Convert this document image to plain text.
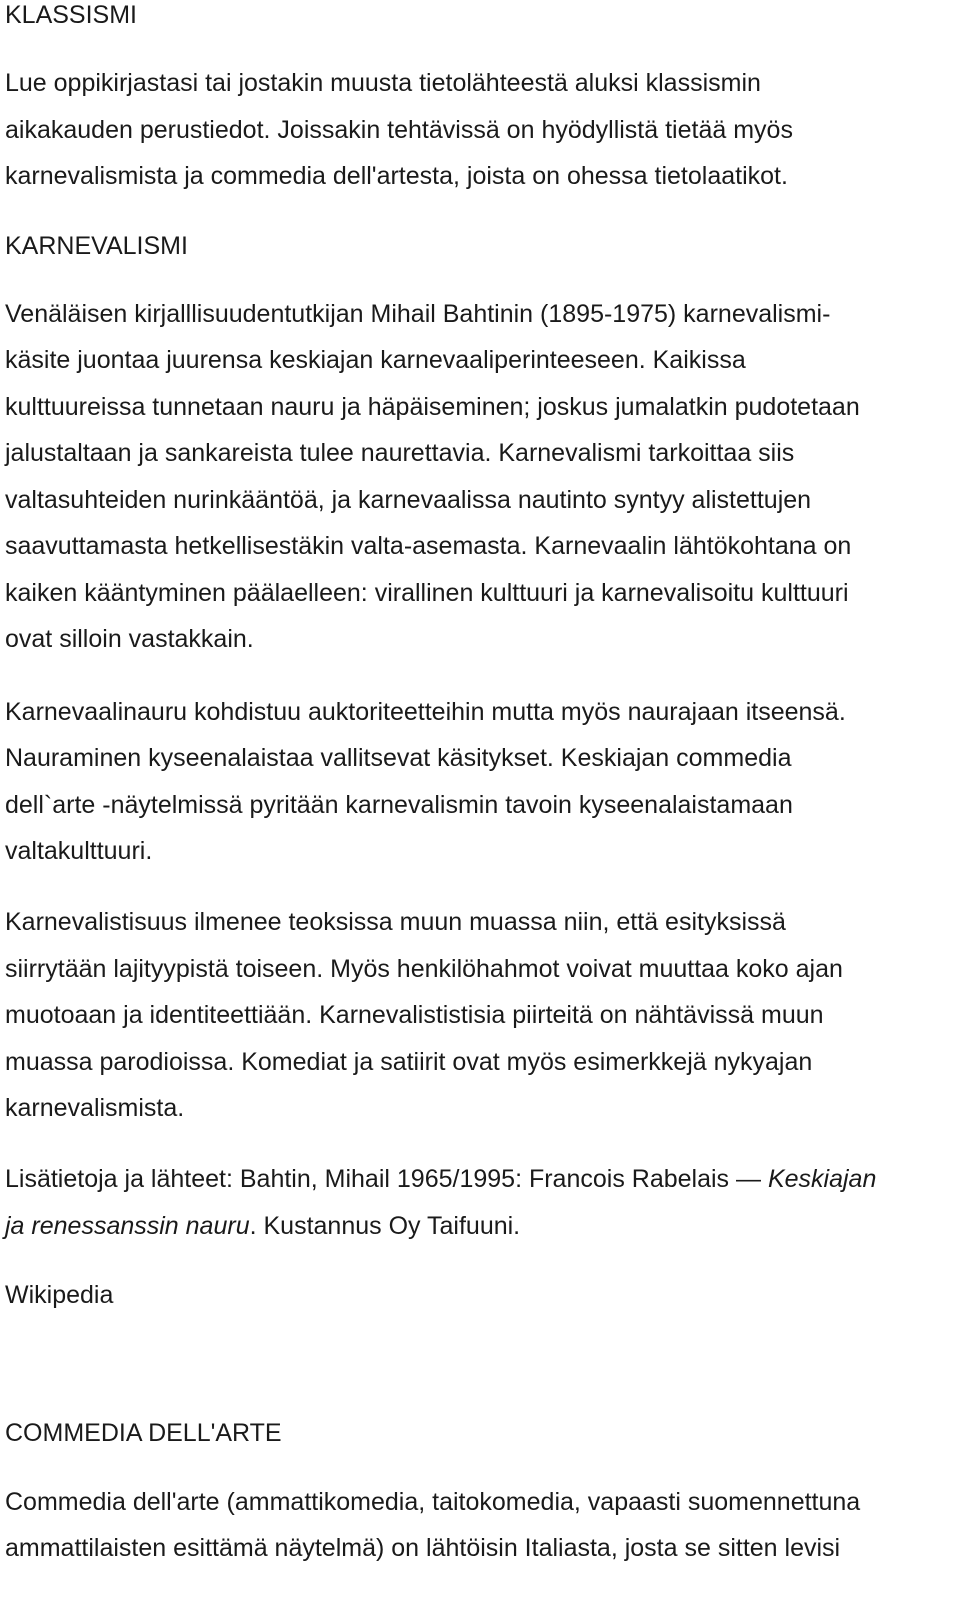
KLASSISMI
Lue oppikirjastasi tai jostakin muusta tietolähteestä aluksi klassismin
aikakauden perustiedot. Joissakin tehtävissä on hyödyllistä tietää myös
karnevalismista ja commedia dell'artesta, joista on ohessa tietolaatikot.
KARNEVALISMI
Venäläisen kirjalllisuudentutkijan Mihail Bahtinin (1895-1975) karnevalismi-
käsite juontaa juurensa keskiajan karnevaaliperinteeseen. Kaikissa
kulttuureissa tunnetaan nauru ja häpäiseminen; joskus jumalatkin pudotetaan
jalustaltaan ja sankareista tulee naurettavia. Karnevalismi tarkoittaa siis
valtasuhteiden nurinkääntöä, ja karnevaalissa nautinto syntyy alistettujen
saavuttamasta hetkellisestäkin valta-asemasta. Karnevaalin lähtökohtana on
kaiken kääntyminen päälaelleen: virallinen kulttuuri ja karnevalisoitu kulttuuri
ovat silloin vastakkain.
Karnevaalinauru kohdistuu auktoriteetteihin mutta myös naurajaan itseensä.
Nauraminen kyseenalaistaa vallitsevat käsitykset. Keskiajan commedia
dell`arte -näytelmissä pyritään karnevalismin tavoin kyseenalaistamaan
valtakulttuuri.
Karnevalistisuus ilmenee teoksissa muun muassa niin, että esityksissä
siirrytään lajityypistä toiseen. Myös henkilöhahmot voivat muuttaa koko ajan
muotoaan ja identiteettiään. Karnevalististisia piirteitä on nähtävissä muun
muassa parodioissa. Komediat ja satiirit ovat myös esimerkkejä nykyajan
karnevalismista.
Lisätietoja ja lähteet: Bahtin, Mihail 1965/1995: Francois Rabelais — Keskiajan
ja renessanssin nauru. Kustannus Oy Taifuuni.
Wikipedia
COMMEDIA DELL'ARTE
Commedia dell'arte (ammattikomedia, taitokomedia, vapaasti suomennettuna
ammattilaisten esittämä näytelmä) on lähtöisin Italiasta, josta se sitten levisi
